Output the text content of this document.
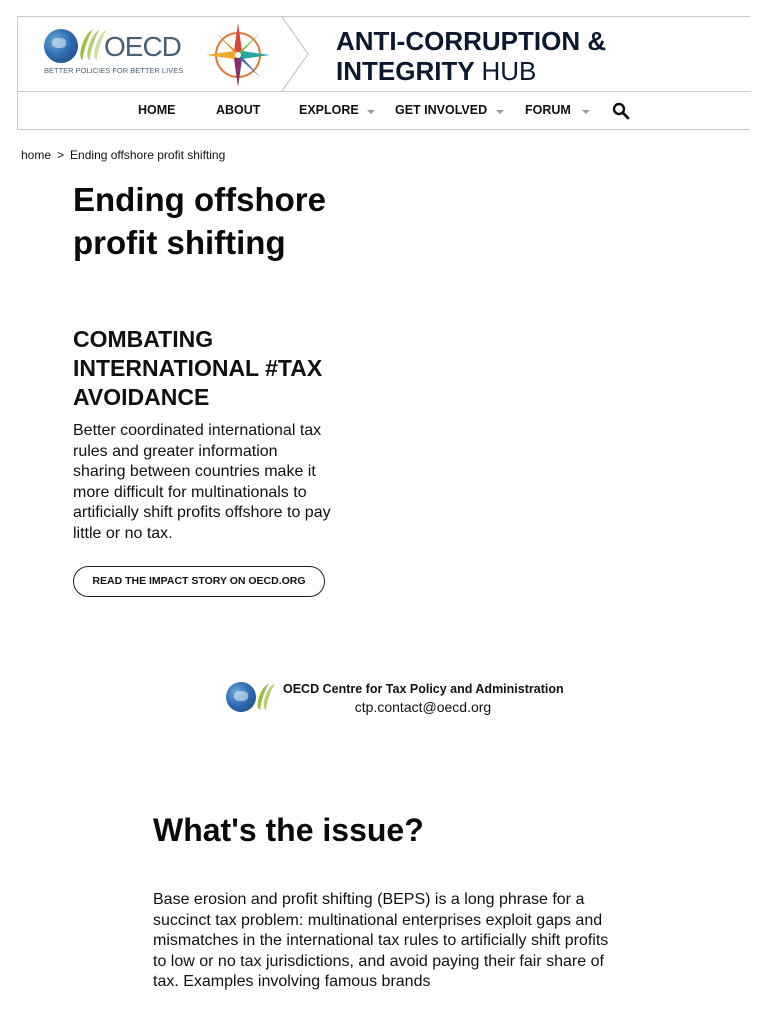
OECD
BETTER POLICIES FOR BETTER LIVES
ANTI-CORRUPTION &
INTEGRITY HUB
HOME	ABOUT	EXPLORE	GET INVOLVED	FORUM
home > Ending offshore profit shifting
Ending offshore profit shifting
COMBATING INTERNATIONAL #TAX AVOIDANCE

Better coordinated international tax rules and greater information sharing between countries make it more difficult for multinationals to artificially shift profits offshore to pay little or no tax.

READ THE IMPACT STORY ON OECD.ORG
OECD Centre for Tax Policy and Administration
ctp.contact@oecd.org
What's the issue?

Base erosion and profit shifting (BEPS) is a long phrase for a succinct tax problem: multinational enterprises exploit gaps and mismatches in the international tax rules to artificially shift profits to low or no tax jurisdictions, and avoid paying their fair share of tax. Examples involving famous brands
